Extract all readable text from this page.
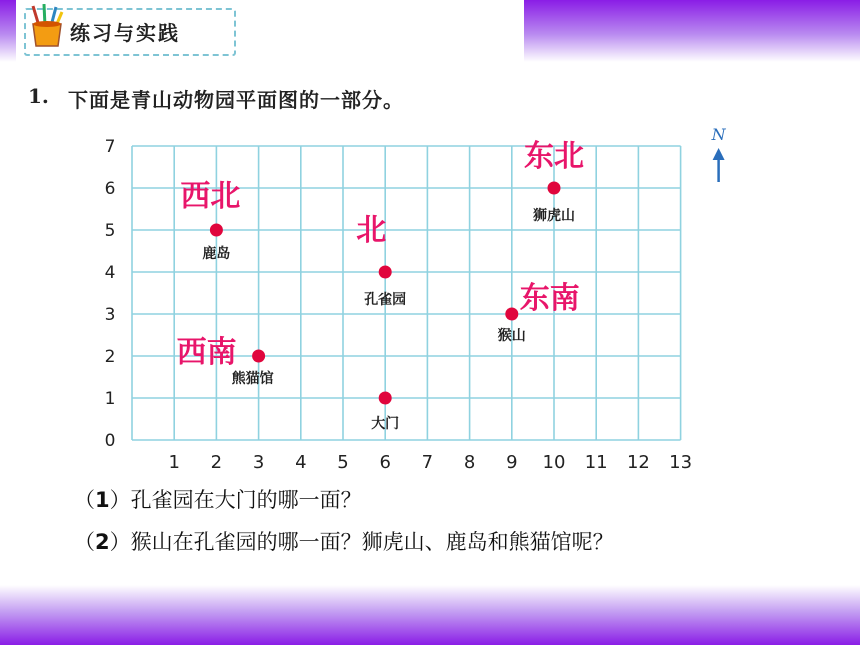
练习与实践
1. 下面是青山动物园平面图的一部分。
1 2 3 4 5 6 7 8 9 10 11 12 13
0
1
2
3
4
5
6
7
N
鹿岛
西北
熊猫馆
西南
孔雀园
北
大门
猴山
东南
狮虎山
东北
（1）孔雀园在大门的哪一面？
（2）猴山在孔雀园的哪一面？狮虎山、鹿岛和熊猫馆呢？
